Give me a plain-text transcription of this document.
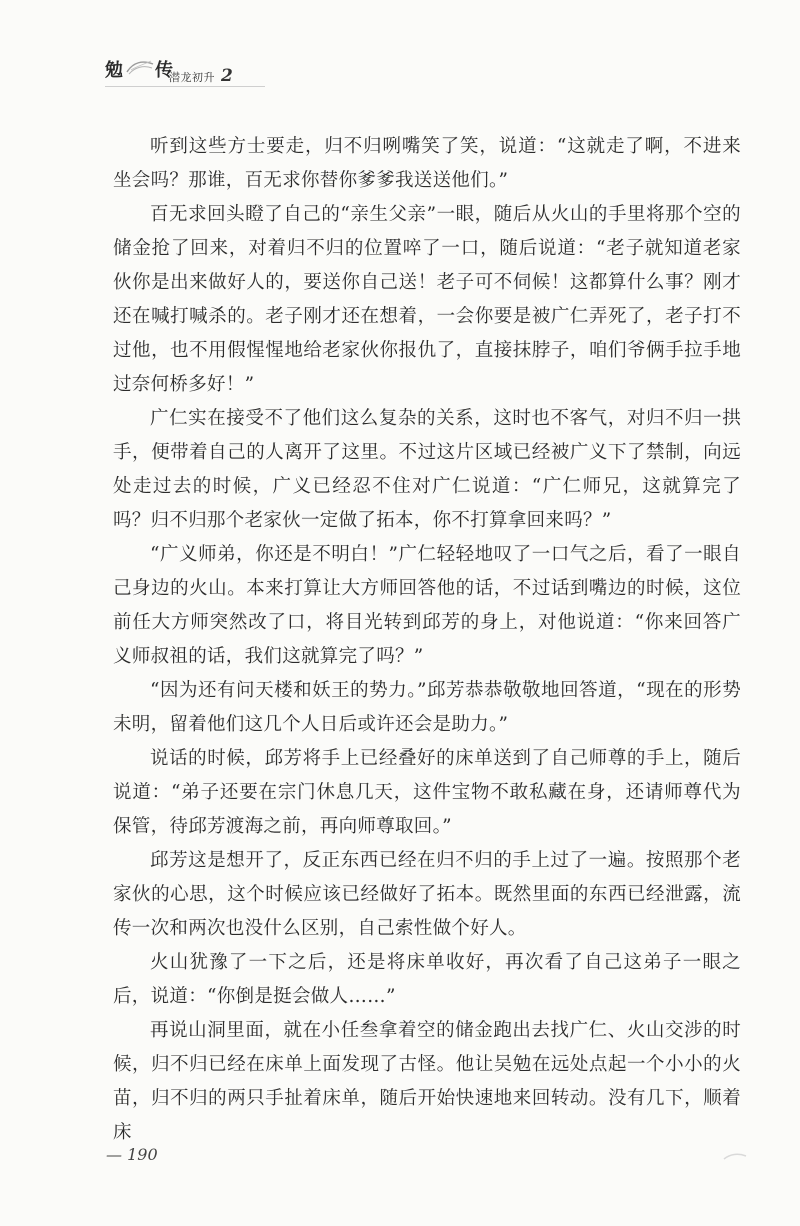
勉 传
潜龙初升 2

听到这些方士要走，归不归咧嘴笑了笑，说道：“这就走了啊，不进来坐会吗？那谁，百无求你替你爹爹我送送他们。”

百无求回头瞪了自己的“亲生父亲”一眼，随后从火山的手里将那个空的储金抢了回来，对着归不归的位置啐了一口，随后说道：“老子就知道老家伙你是出来做好人的，要送你自己送！老子可不伺候！这都算什么事？刚才还在喊打喊杀的。老子刚才还在想着，一会你要是被广仁弄死了，老子打不过他，也不用假惺惺地给老家伙你报仇了，直接抹脖子，咱们爷俩手拉手地过奈何桥多好！”

广仁实在接受不了他们这么复杂的关系，这时也不客气，对归不归一拱手，便带着自己的人离开了这里。不过这片区域已经被广义下了禁制，向远处走过去的时候，广义已经忍不住对广仁说道：“广仁师兄，这就算完了吗？归不归那个老家伙一定做了拓本，你不打算拿回来吗？”

“广义师弟，你还是不明白！”广仁轻轻地叹了一口气之后，看了一眼自己身边的火山。本来打算让大方师回答他的话，不过话到嘴边的时候，这位前任大方师突然改了口，将目光转到邱芳的身上，对他说道：“你来回答广义师叔祖的话，我们这就算完了吗？”

“因为还有问天楼和妖王的势力。”邱芳恭恭敬敬地回答道，“现在的形势未明，留着他们这几个人日后或许还会是助力。”

说话的时候，邱芳将手上已经叠好的床单送到了自己师尊的手上，随后说道：“弟子还要在宗门休息几天，这件宝物不敢私藏在身，还请师尊代为保管，待邱芳渡海之前，再向师尊取回。”

邱芳这是想开了，反正东西已经在归不归的手上过了一遍。按照那个老家伙的心思，这个时候应该已经做好了拓本。既然里面的东西已经泄露，流传一次和两次也没什么区别，自己索性做个好人。

火山犹豫了一下之后，还是将床单收好，再次看了自己这弟子一眼之后，说道：“你倒是挺会做人……”

再说山洞里面，就在小任叁拿着空的储金跑出去找广仁、火山交涉的时候，归不归已经在床单上面发现了古怪。他让吴勉在远处点起一个小小的火苗，归不归的两只手扯着床单，随后开始快速地来回转动。没有几下，顺着床

— 190
